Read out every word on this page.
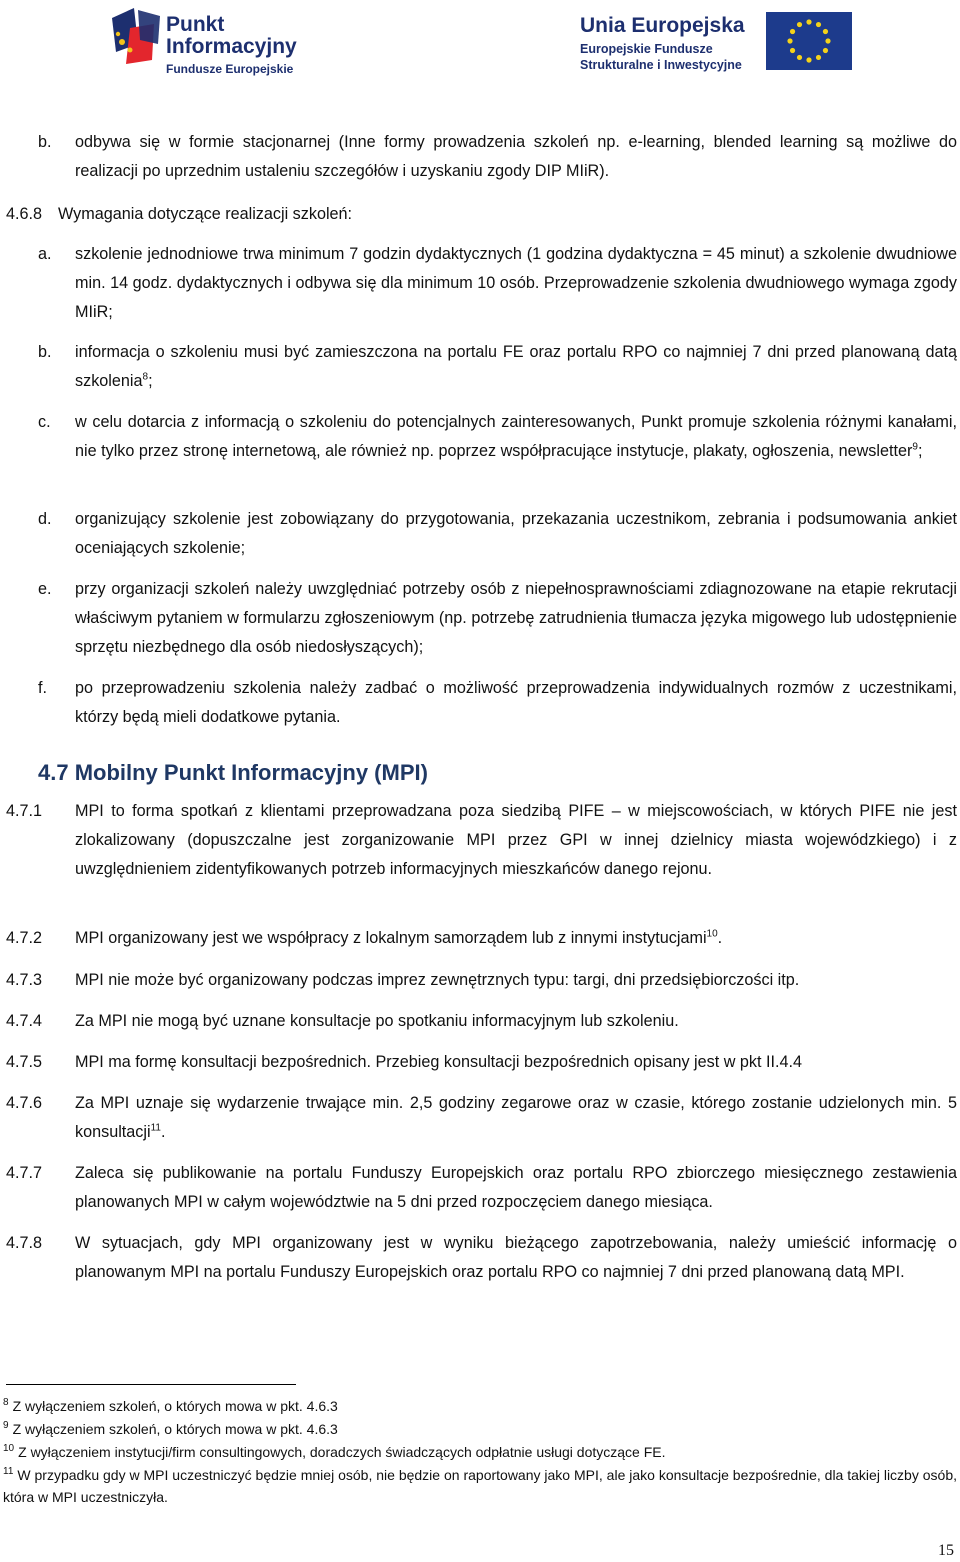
Punkt
Informacyjny
Fundusze Europejskie
Unia Europejska
Europejskie Fundusze
Strukturalne i Inwestycyjne
b. odbywa się w formie stacjonarnej (Inne formy prowadzenia szkoleń np. e-learning, blended learning są możliwe do realizacji po uprzednim ustaleniu szczegółów i uzyskaniu zgody DIP MIiR).
4.6.8 Wymagania dotyczące realizacji szkoleń:
a. szkolenie jednodniowe trwa minimum 7 godzin dydaktycznych (1 godzina dydaktyczna = 45 minut) a szkolenie dwudniowe min. 14 godz. dydaktycznych i odbywa się dla minimum 10 osób. Przeprowadzenie szkolenia dwudniowego wymaga zgody MIiR;
b. informacja o szkoleniu musi być zamieszczona na portalu FE oraz portalu RPO co najmniej 7 dni przed planowaną datą szkolenia$^8$;
c. w celu dotarcia z informacją o szkoleniu do potencjalnych zainteresowanych, Punkt promuje szkolenia różnymi kanałami, nie tylko przez stronę internetową, ale również np. poprzez współpracujące instytucje, plakaty, ogłoszenia, newsletter$^9$;
d. organizujący szkolenie jest zobowiązany do przygotowania, przekazania uczestnikom, zebrania i podsumowania ankiet oceniających szkolenie;
e. przy organizacji szkoleń należy uwzględniać potrzeby osób z niepełnosprawnościami zdiagnozowane na etapie rekrutacji właściwym pytaniem w formularzu zgłoszeniowym (np. potrzebę zatrudnienia tłumacza języka migowego lub udostępnienie sprzętu niezbędnego dla osób niedosłyszących);
f. po przeprowadzeniu szkolenia należy zadbać o możliwość przeprowadzenia indywidualnych rozmów z uczestnikami, którzy będą mieli dodatkowe pytania.
4.7 Mobilny Punkt Informacyjny (MPI)
4.7.1 MPI to forma spotkań z klientami przeprowadzana poza siedzibą PIFE – w miejscowościach, w których PIFE nie jest zlokalizowany (dopuszczalne jest zorganizowanie MPI przez GPI w innej dzielnicy miasta wojewódzkiego) i z uwzględnieniem zidentyfikowanych potrzeb informacyjnych mieszkańców danego rejonu.
4.7.2 MPI organizowany jest we współpracy z lokalnym samorządem lub z innymi instytucjami$^{10}$.
4.7.3 MPI nie może być organizowany podczas imprez zewnętrznych typu: targi, dni przedsiębiorczości itp.
4.7.4 Za MPI nie mogą być uznane konsultacje po spotkaniu informacyjnym lub szkoleniu.
4.7.5 MPI ma formę konsultacji bezpośrednich. Przebieg konsultacji bezpośrednich opisany jest w pkt II.4.4
4.7.6 Za MPI uznaje się wydarzenie trwające min. 2,5 godziny zegarowe oraz w czasie, którego zostanie udzielonych min. 5 konsultacji$^{11}$.
4.7.7 Zaleca się publikowanie na portalu Funduszy Europejskich oraz portalu RPO zbiorczego miesięcznego zestawienia planowanych MPI w całym województwie na 5 dni przed rozpoczęciem danego miesiąca.
4.7.8 W sytuacjach, gdy MPI organizowany jest w wyniku bieżącego zapotrzebowania, należy umieścić informację o planowanym MPI na portalu Funduszy Europejskich oraz portalu RPO co najmniej 7 dni przed planowaną datą MPI.
$^8$ Z wyłączeniem szkoleń, o których mowa w pkt. 4.6.3
$^9$ Z wyłączeniem szkoleń, o których mowa w pkt. 4.6.3
$^{10}$ Z wyłączeniem instytucji/firm consultingowych, doradczych świadczących odpłatnie usługi dotyczące FE.
$^{11}$ W przypadku gdy w MPI uczestniczyć będzie mniej osób, nie będzie on raportowany jako MPI, ale jako konsultacje bezpośrednie, dla takiej liczby osób, która w MPI uczestniczyła.
15
